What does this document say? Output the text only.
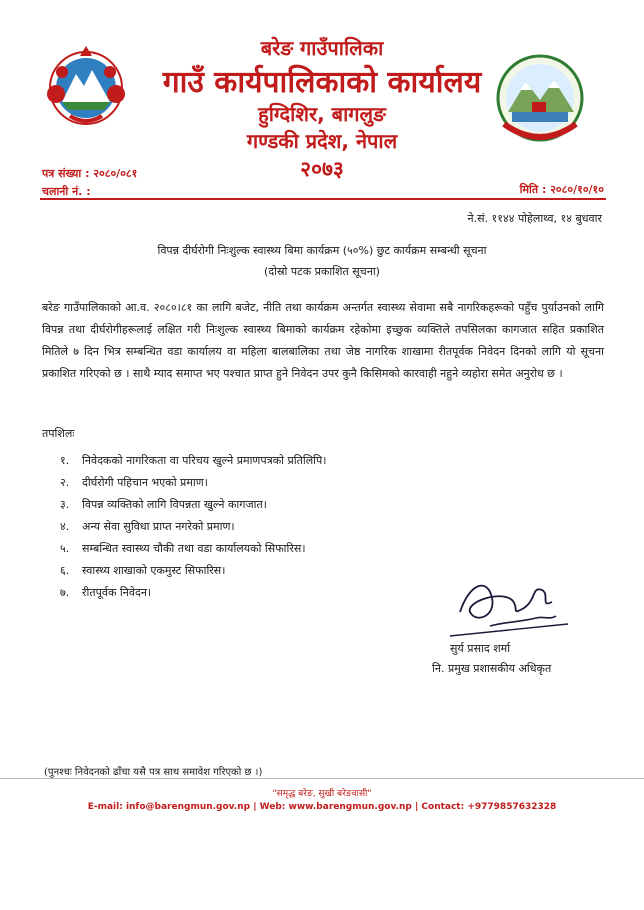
बरेङ गाउँपालिका
गाउँ कार्यपालिकाको कार्यालय
हुग्दिशिर, बागलुङ
गण्डकी प्रदेश, नेपाल
२०७३
पत्र संख्या : २०८०/०८१
चलानी नं. :	मिति : २०८०/१०/१०
ने.सं. ११४४ पोहेलाथ्व, १४ बुधवार
विपन्न दीर्घरोगी निःशुल्क स्वास्थ्य बिमा कार्यक्रम (५०%) छुट कार्यक्रम सम्बन्धी सूचना
(दोस्रो पटक प्रकाशित सूचना)

बरेङ गाउँपालिकाको आ.व. २०८०।८१ का लागि बजेट, नीति तथा कार्यक्रम अन्तर्गत स्वास्थ्य सेवामा सबै नागरिकहरूको पहुँच पुर्याउनको लागि विपन्न तथा दीर्घरोगीहरूलाई लक्षित गरी निःशुल्क स्वास्थ्य बिमाको कार्यक्रम रहेकोमा इच्छुक व्यक्तिले तपसिलका कागजात सहित प्रकाशित मितिले ७ दिन भित्र सम्बन्धित वडा कार्यालय वा महिला बालबालिका तथा जेष्ठ नागरिक शाखामा रीतपूर्वक निवेदन दिनको लागि यो सूचना प्रकाशित गरिएको छ । साथै म्याद समाप्त भए पश्चात प्राप्त हुने निवेदन उपर कुनै किसिमको कारवाही नहुने व्यहोरा समेत अनुरोध छ ।

तपशिलः
१. निवेदकको नागरिकता वा परिचय खुल्ने प्रमाणपत्रको प्रतिलिपि।
२. दीर्घरोगी पहिचान भएको प्रमाण।
३. विपन्न व्यक्तिको लागि विपन्नता खुल्ने कागजात।
४. अन्य सेवा सुविधा प्राप्त नगरेको प्रमाण।
५. सम्बन्धित स्वास्थ्य चौकी तथा वडा कार्यालयको सिफारिस।
६. स्वास्थ्य शाखाको एकमुस्ट सिफारिस।
७. रीतपूर्वक निवेदन।
सुर्य प्रसाद शर्मा
नि. प्रमुख प्रशासकीय अधिकृत
(पुनश्चः निवेदनको ढाँचा यसै पत्र साथ समावेश गरिएको छ ।)
"समृद्ध बरेङ, सुखी बरेङवासी"
E-mail: info@barengmun.gov.np | Web: www.barengmun.gov.np | Contact: +9779857632328
